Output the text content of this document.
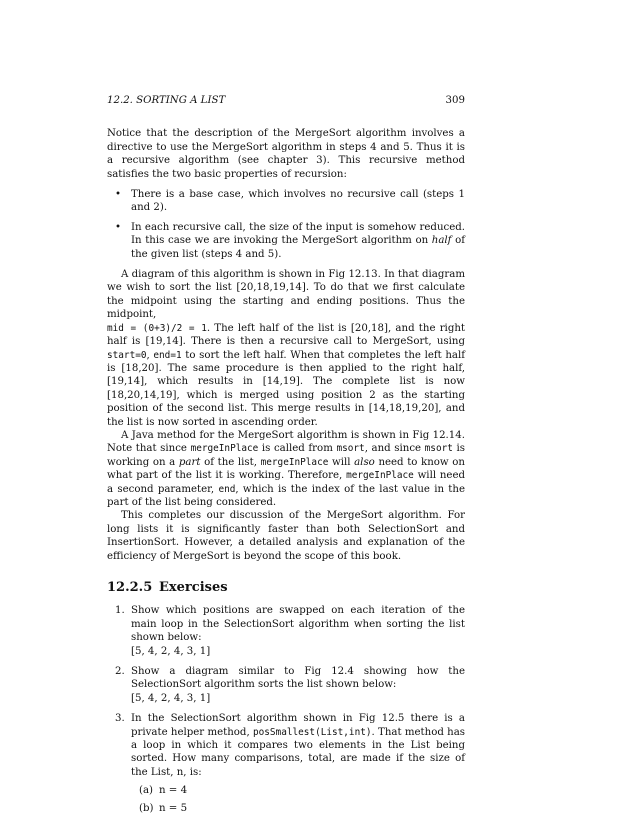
12.2. SORTING A LIST	309

Notice that the description of the MergeSort algorithm involves a directive to use the MergeSort algorithm in steps 4 and 5. Thus it is a recursive algorithm (see chapter 3). This recursive method satisfies the two basic properties of recursion:

• There is a base case, which involves no recursive call (steps 1 and 2).
• In each recursive call, the size of the input is somehow reduced. In this case we are invoking the MergeSort algorithm on half of the given list (steps 4 and 5).

A diagram of this algorithm is shown in Fig 12.13. In that diagram we wish to sort the list [20,18,19,14]. To do that we first calculate the midpoint using the starting and ending positions. Thus the midpoint,
mid = (0+3)/2 = 1. The left half of the list is [20,18], and the right half is [19,14]. There is then a recursive call to MergeSort, using start=0, end=1 to sort the left half. When that completes the left half is [18,20]. The same procedure is then applied to the right half, [19,14], which results in [14,19]. The complete list is now [18,20,14,19], which is merged using position 2 as the starting position of the second list. This merge results in [14,18,19,20], and the list is now sorted in ascending order.

A Java method for the MergeSort algorithm is shown in Fig 12.14. Note that since mergeInPlace is called from msort, and since msort is working on a part of the list, mergeInPlace will also need to know on what part of the list it is working. Therefore, mergeInPlace will need a second parameter, end, which is the index of the last value in the part of the list being considered.

This completes our discussion of the MergeSort algorithm. For long lists it is significantly faster than both SelectionSort and InsertionSort. However, a detailed analysis and explanation of the efficiency of MergeSort is beyond the scope of this book.

12.2.5 Exercises
1. Show which positions are swapped on each iteration of the main loop in the SelectionSort algorithm when sorting the list shown below:
[5, 4, 2, 4, 3, 1]
2. Show a diagram similar to Fig 12.4 showing how the SelectionSort algorithm sorts the list shown below:
[5, 4, 2, 4, 3, 1]
3. In the SelectionSort algorithm shown in Fig 12.5 there is a private helper method, posSmallest(List,int). That method has a loop in which it compares two elements in the List being sorted. How many comparisons, total, are made if the size of the List, n, is:
(a) n = 4
(b) n = 5
